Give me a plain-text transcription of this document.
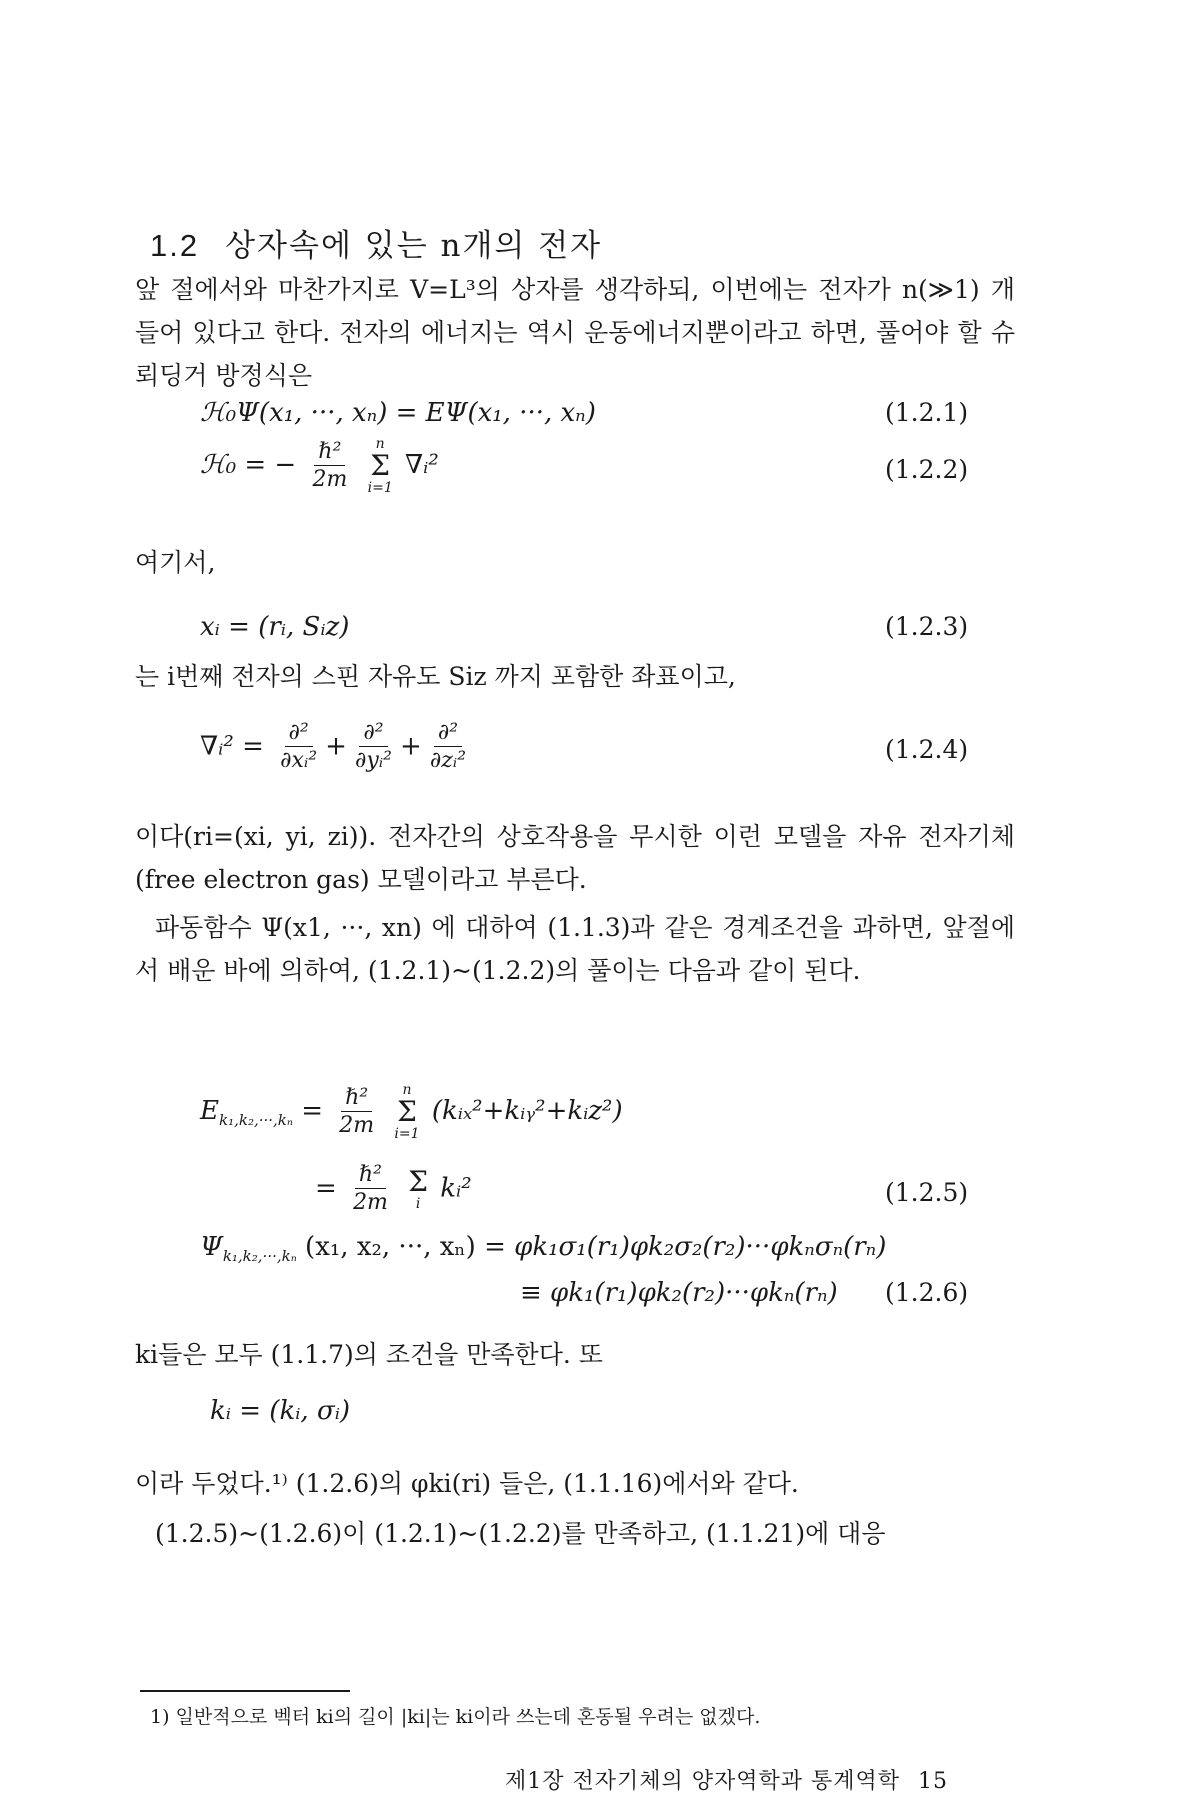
1.2 상자속에 있는 n개의 전자
앞 절에서와 마찬가지로 V=L³의 상자를 생각하되, 이번에는 전자가 n(≫1) 개 들어 있다고 한다. 전자의 에너지는 역시 운동에너지뿐이라고 하면, 풀어야 할 슈뢰딩거 방정식은
ℋ₀Ψ(x₁, ···, xₙ) = EΨ(x₁, ···, xₙ)	(1.2.1)
ℋ₀ = − $\frac{\text{ℏ²}}{2m}$
n
Σ
i=1
∇ᵢ²	(1.2.2)
여기서,
xᵢ = (rᵢ, Sᵢz)	(1.2.3)
는 i번째 전자의 스핀 자유도 Siz 까지 포함한 좌표이고,
∇ᵢ² = $\frac{\text{∂²}}{\text{∂xᵢ²}} + \frac{\text{∂²}}{\text{∂yᵢ²}} + \frac{\text{∂²}}{\text{∂zᵢ²}}$	(1.2.4)
이다(ri=(xi, yi, zi)). 전자간의 상호작용을 무시한 이런 모델을 자유 전자기체(free electron gas) 모델이라고 부른다.
파동함수 Ψ(x1, ···, xn) 에 대하여 (1.1.3)과 같은 경계조건을 과하면, 앞절에서 배운 바에 의하여, (1.2.1)~(1.2.2)의 풀이는 다음과 같이 된다.
$E_{k_1,k_2,\cdot\cdot\cdot,k_n} = \frac{\text{ℏ²}}{2m}$
n
Σ
i=1
(kᵢₓ²+kᵢᵧ²+kᵢz²)
= $\frac{\text{ℏ²}}{2m}$
Σ
i kᵢ²	(1.2.5)
$\Psi_{k_1,k_2,\cdot\cdot\cdot,k_n}$ (x₁, x₂, ···, xₙ) = φk₁σ₁(r₁)φk₂σ₂(r₂)···φkₙσₙ(rₙ)
≡ φk₁(r₁)φk₂(r₂)···φkₙ(rₙ) (1.2.6)
ki들은 모두 (1.1.7)의 조건을 만족한다. 또
kᵢ = (kᵢ, σᵢ)
이라 두었다.¹⁾ (1.2.6)의 φki(ri) 들은, (1.1.16)에서와 같다.
(1.2.5)~(1.2.6)이 (1.2.1)~(1.2.2)를 만족하고, (1.1.21)에 대응
1) 일반적으로 벡터 ki의 길이 |ki|는 ki이라 쓰는데 혼동될 우려는 없겠다.
제1장 전자기체의 양자역학과 통계역학 15
